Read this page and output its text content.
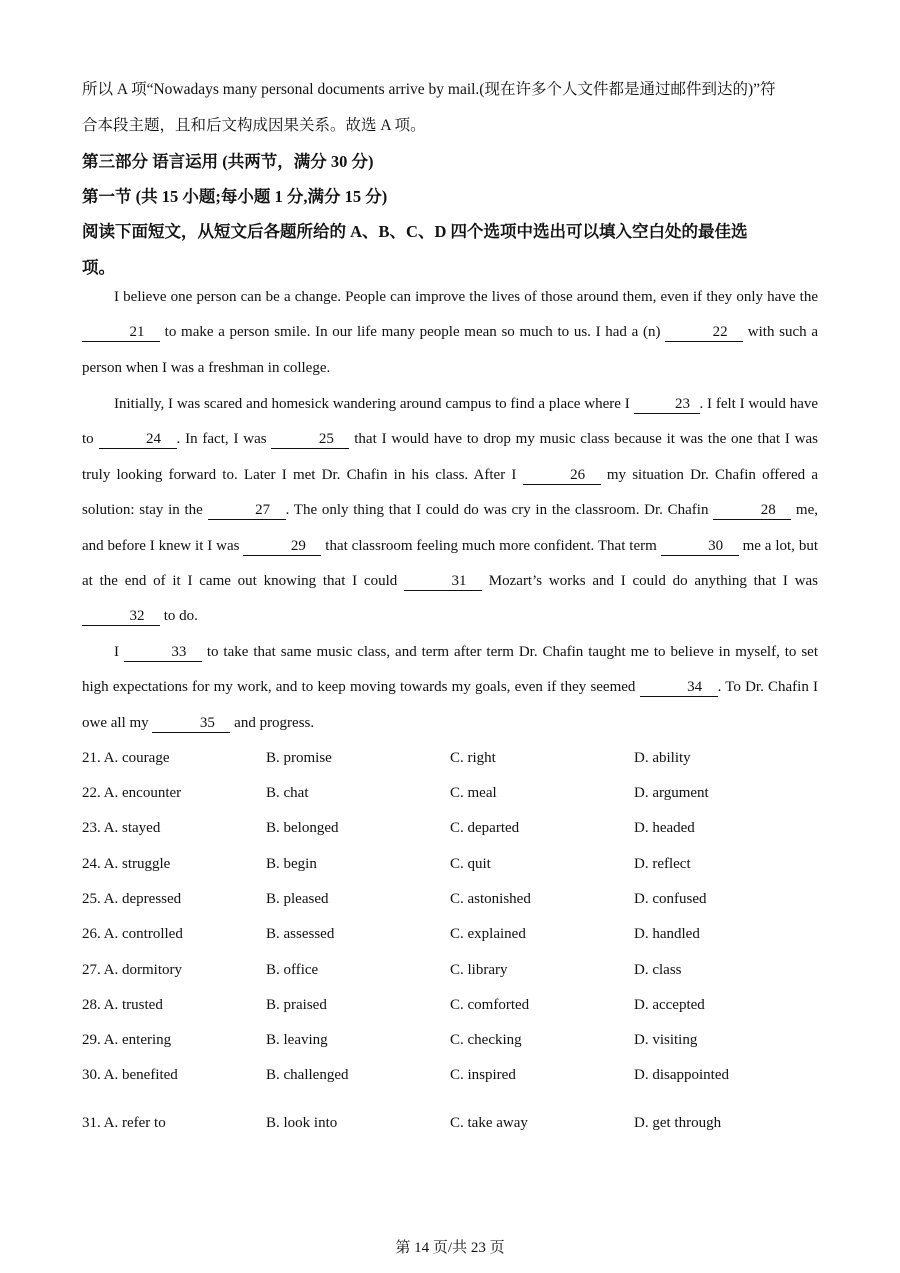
所以 A 项“Nowadays many personal documents arrive by mail.(现在许多个人文件都是通过邮件到达的)”符
合本段主题，且和后文构成因果关系。故选 A 项。
第三部分 语言运用 (共两节，满分 30 分)
第一节 (共 15 小题;每小题 1 分,满分 15 分)
阅读下面短文，从短文后各题所给的 A、B、C、D 四个选项中选出可以填入空白处的最佳选
项。
I believe one person can be a change. People can improve the lives of those around them, even if they only have the 21 to make a person smile. In our life many people mean so much to us. I had a (n)	22 with such a person when I was a freshman in college.
Initially, I was scared and homesick wandering around campus to find a place where I	23 . I felt I would have to	24 . In fact, I was	25 that I would have to drop my music class because it was the one that I was truly looking forward to. Later I met Dr. Chafin in his class. After I	26 my situation Dr. Chafin offered a solution: stay in the	27 . The only thing that I could do was cry in the classroom. Dr. Chafin	28 me, and before I knew it I was	29 that classroom feeling much more confident. That term	30 me a lot, but at the end of it I came out knowing that I could	31 Mozart’s works and I could do anything that I was 32 to do.
I	33 to take that same music class, and term after term Dr. Chafin taught me to believe in myself, to set high expectations for my work, and to keep moving towards my goals, even if they seemed	34 . To Dr. Chafin I owe all my	35 and progress.
21. A. courage	B. promise	C. right	D. ability
22. A. encounter	B. chat	C. meal	D. argument
23. A. stayed	B. belonged	C. departed	D. headed
24. A. struggle	B. begin	C. quit	D. reflect
25. A. depressed	B. pleased	C. astonished	D. confused
26. A. controlled	B. assessed	C. explained	D. handled
27. A. dormitory	B. office	C. library	D. class
28. A. trusted	B. praised	C. comforted	D. accepted
29. A. entering	B. leaving	C. checking	D. visiting
30. A. benefited	B. challenged	C. inspired	D. disappointed
31. A. refer to	B. look into	C. take away	D. get through
第 14 页/共 23 页
